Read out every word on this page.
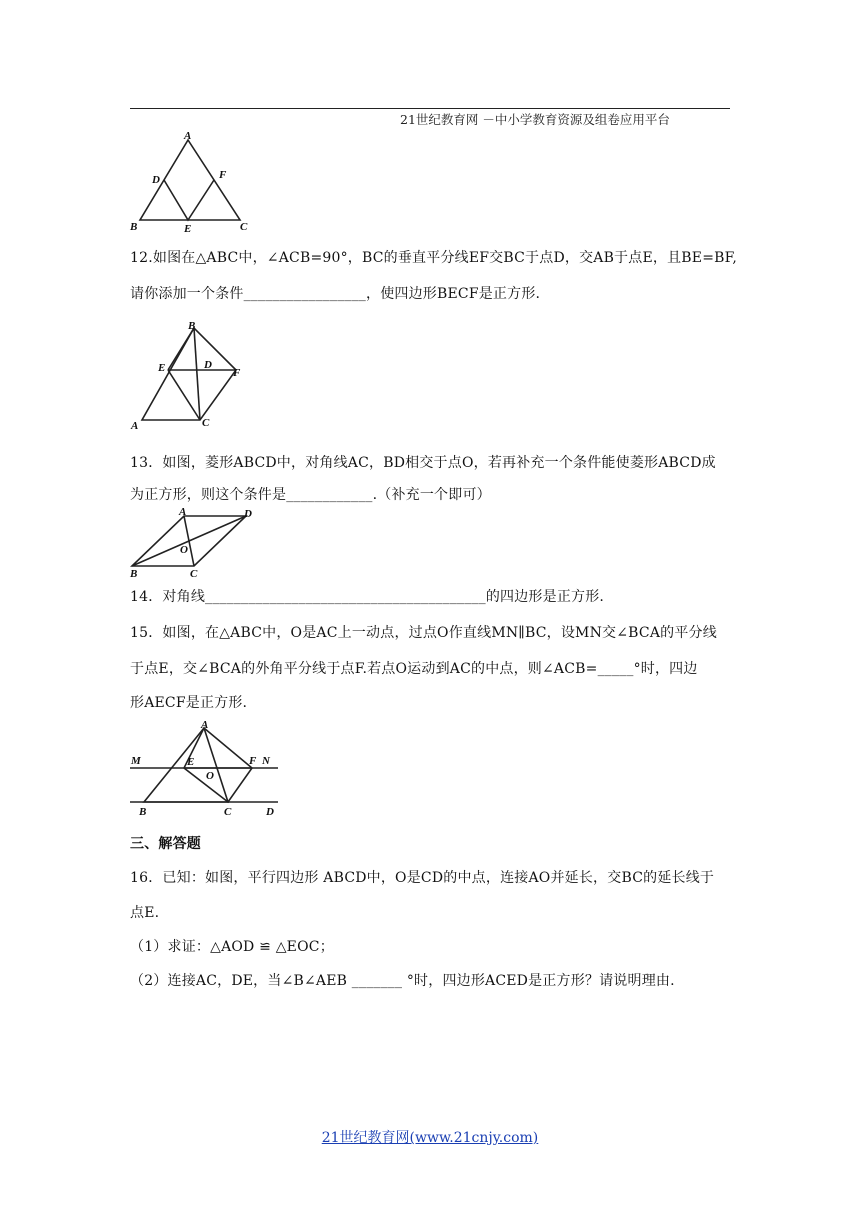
21世纪教育网 －中小学教育资源及组卷应用平台
A
D	F
B	E	C
12.如图在△ABC中，∠ACB=90°，BC的垂直平分线EF交BC于点D，交AB于点E，且BE=BF,
请你添加一个条件_________________，使四边形BECF是正方形.
B
E	D
F
A	C
13．如图，菱形ABCD中，对角线AC，BD相交于点O，若再补充一个条件能使菱形ABCD成
为正方形，则这个条件是____________.（补充一个即可）
A	D
O
B	C
14．对角线_______________________________________的四边形是正方形.
15．如图，在△ABC中，O是AC上一动点，过点O作直线MN∥BC，设MN交∠BCA的平分线
于点E，交∠BCA的外角平分线于点F.若点O运动到AC的中点，则∠ACB=_____°时，四边
形AECF是正方形.
A
M	E	F N
O
B	C	D
三、解答题
16．已知：如图，平行四边形 ABCD中，O是CD的中点，连接AO并延长，交BC的延长线于
点E.
（1）求证：△AOD ≌ △EOC；
（2）连接AC，DE，当∠B∠AEB _______ °时，四边形ACED是正方形？请说明理由.
21世纪教育网(www.21cnjy.com)
